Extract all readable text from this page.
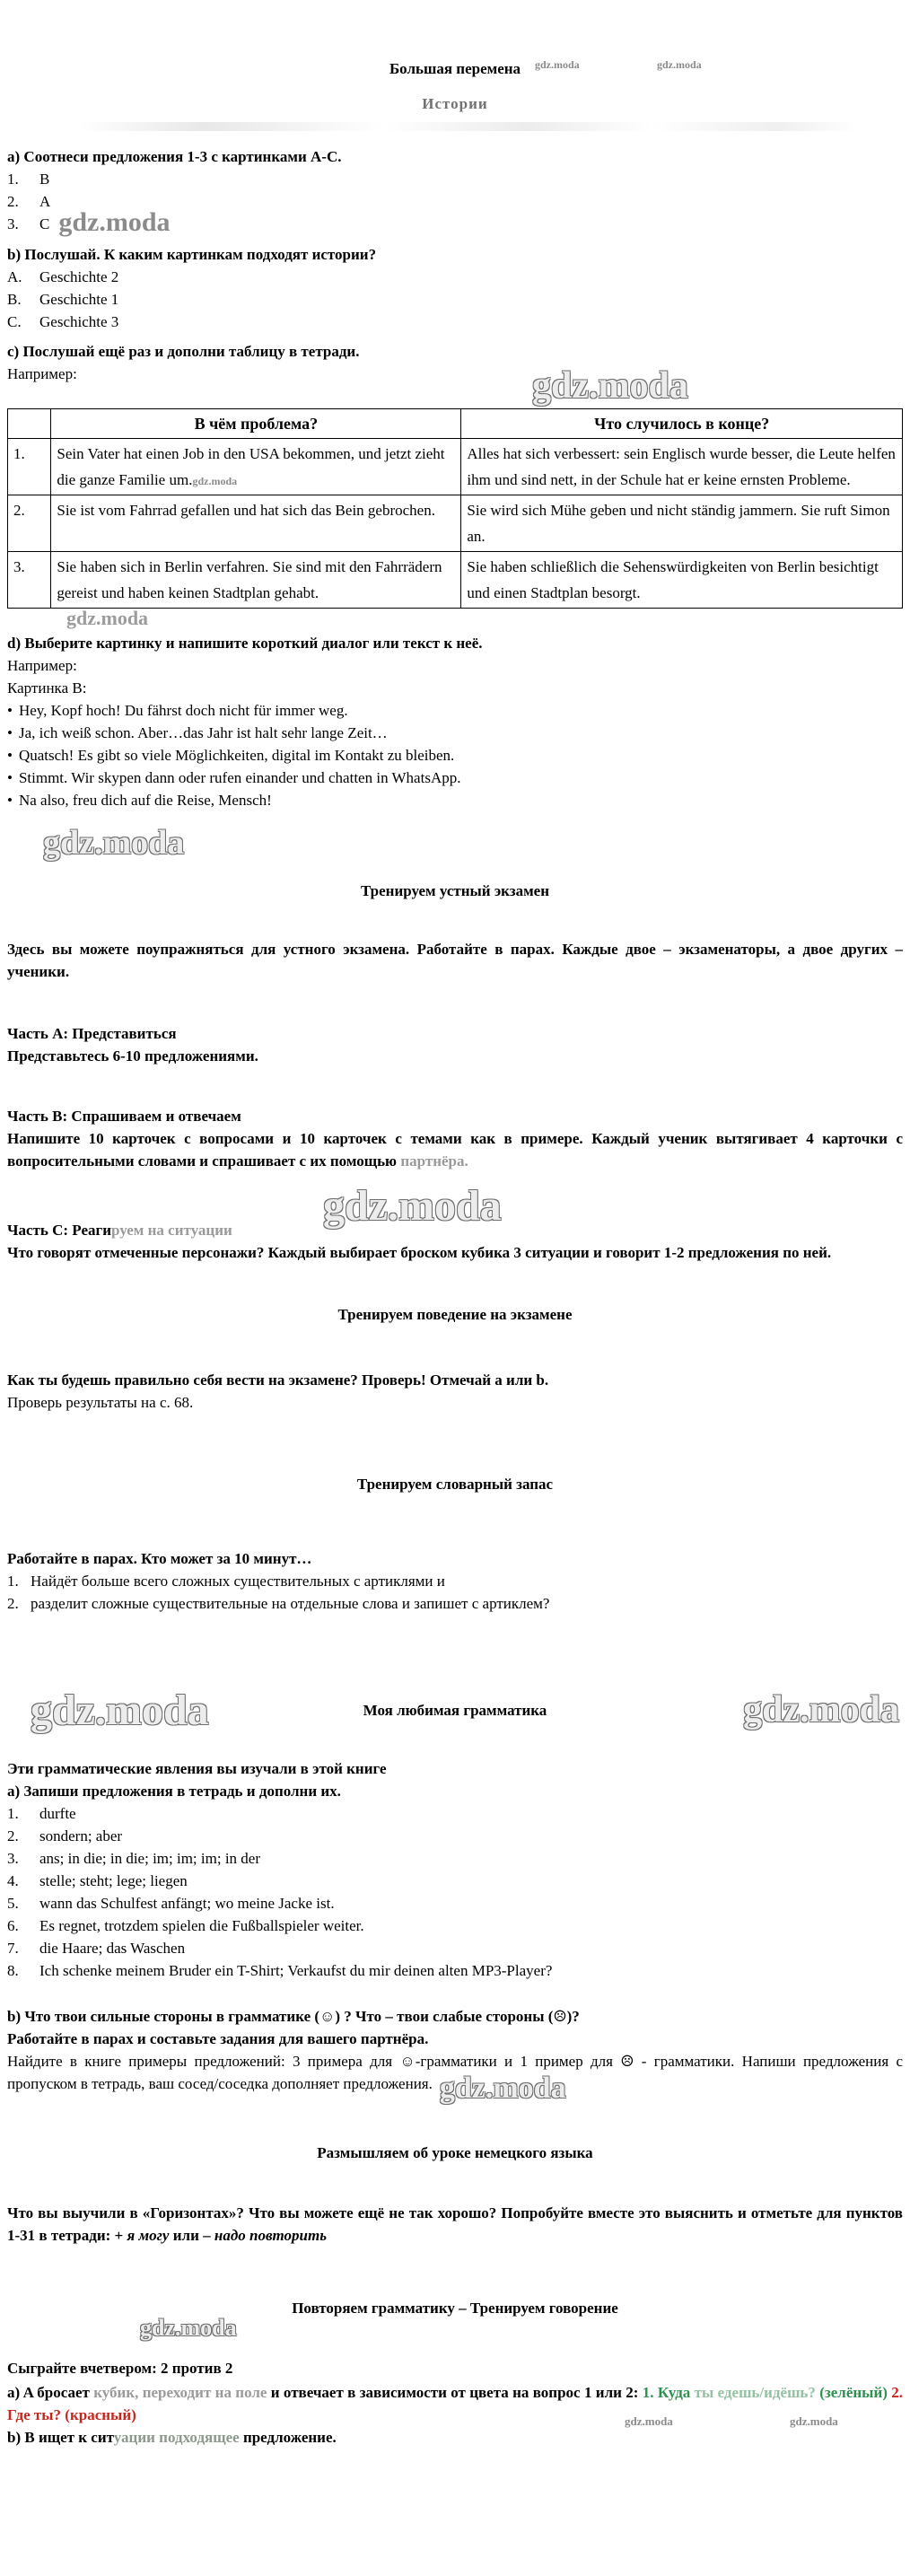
Большая перемена	gdz.moda	gdz.moda

Истории

a) Соотнеси предложения 1-3 с картинками A-C.

1.	B
2.	A
3.	C gdz.moda

b) Послушай. К каким картинкам подходят истории?

A.	Geschichte 2
B.	Geschichte 1
C.	Geschichte 3

c) Послушай ещё раз и дополни таблицу в тетради.

Например:	gdz.moda
	В чём проблема?	Что случилось в конце?
1.	Sein Vater hat einen Job in den USA bekommen, und jetzt zieht die ganze Familie um.gdz.moda	Alles hat sich verbessert: sein Englisch wurde besser, die Leute helfen ihm und sind nett, in der Schule hat er keine ernsten Probleme.
2.	Sie ist vom Fahrrad gefallen und hat sich das Bein gebrochen.	Sie wird sich Mühe geben und nicht ständig jammern. Sie ruft Simon an.
3.	Sie haben sich in Berlin verfahren. Sie sind mit den Fahrrädern gereist und haben keinen Stadtplan gehabt.	Sie haben schließlich die Sehenswürdigkeiten von Berlin besichtigt und einen Stadtplan besorgt.
gdz.moda

d) Выберите картинку и напишите короткий диалог или текст к неё.

Например:

Картинка B:

• Hey, Kopf hoch! Du fährst doch nicht für immer weg.

• Ja, ich weiß schon. Aber…das Jahr ist halt sehr lange Zeit…

• Quatsch! Es gibt so viele Möglichkeiten, digital im Kontakt zu bleiben.

• Stimmt. Wir skypen dann oder rufen einander und chatten in WhatsApp.

• Na also, freu dich auf die Reise, Mensch!

gdz.moda

Тренируем устный экзамен

Здесь вы можете поупражняться для устного экзамена. Работайте в парах. Каждые двое – экзаменаторы, а двое других – ученики.

Часть A: Представиться

Представьтесь 6-10 предложениями.

Часть B: Спрашиваем и отвечаем

Напишите 10 карточек с вопросами и 10 карточек с темами как в примере. Каждый ученик вытягивает 4 карточки с вопросительными словами и спрашивает с их помощью партнёра.

gdz.moda

Часть C: Реагируем на ситуации

Что говорят отмеченные персонажи? Каждый выбирает броском кубика 3 ситуации и говорит 1-2 предложения по ней.

Тренируем поведение на экзамене

Как ты будешь правильно себя вести на экзамене? Проверь! Отмечай a или b.

Проверь результаты на с. 68.

Тренируем словарный запас

Работайте в парах. Кто может за 10 минут…

1. Найдёт больше всего сложных существительных с артиклями и
2. разделит сложные существительные на отдельные слова и запишет с артиклем?
gdz.moda	gdz.moda

Моя любимая грамматика

Эти грамматические явления вы изучали в этой книге

a) Запиши предложения в тетрадь и дополни их.

1.	durfte
2.	sondern; aber
3.	ans; in die; in die; im; im; im; in der
4.	stelle; steht; lege; liegen
5.	wann das Schulfest anfängt; wo meine Jacke ist.
6.	Es regnet, trotzdem spielen die Fußballspieler weiter.
7.	die Haare; das Waschen
8.	Ich schenke meinem Bruder ein T-Shirt; Verkaufst du mir deinen alten MP3-Player?

b) Что твои сильные стороны в грамматике (☺) ? Что – твои слабые стороны (☹)?

Работайте в парах и составьте задания для вашего партнёра.

Найдите в книге примеры предложений: 3 примера для ☺-грамматики и 1 пример для ☹ - грамматики. Напиши предложения с пропуском в тетрадь, ваш сосед/соседка дополняет предложения. gdz.moda

Размышляем об уроке немецкого языка

Что вы выучили в «Горизонтах»? Что вы можете ещё не так хорошо? Попробуйте вместе это выяснить и отметьте для пунктов 1-31 в тетради: + я могу или – надо повторить

Повторяем грамматику – Тренируем говорение

gdz.moda

Сыграйте вчетвером: 2 против 2

a) A бросает кубик, переходит на поле и отвечает в зависимости от цвета на вопрос 1 или 2: 1. Куда ты едешь/идёшь? (зелёный) 2. Где ты? (красный)

b) B ищет к ситуации подходящее предложение.

gdz.moda	gdz.moda
